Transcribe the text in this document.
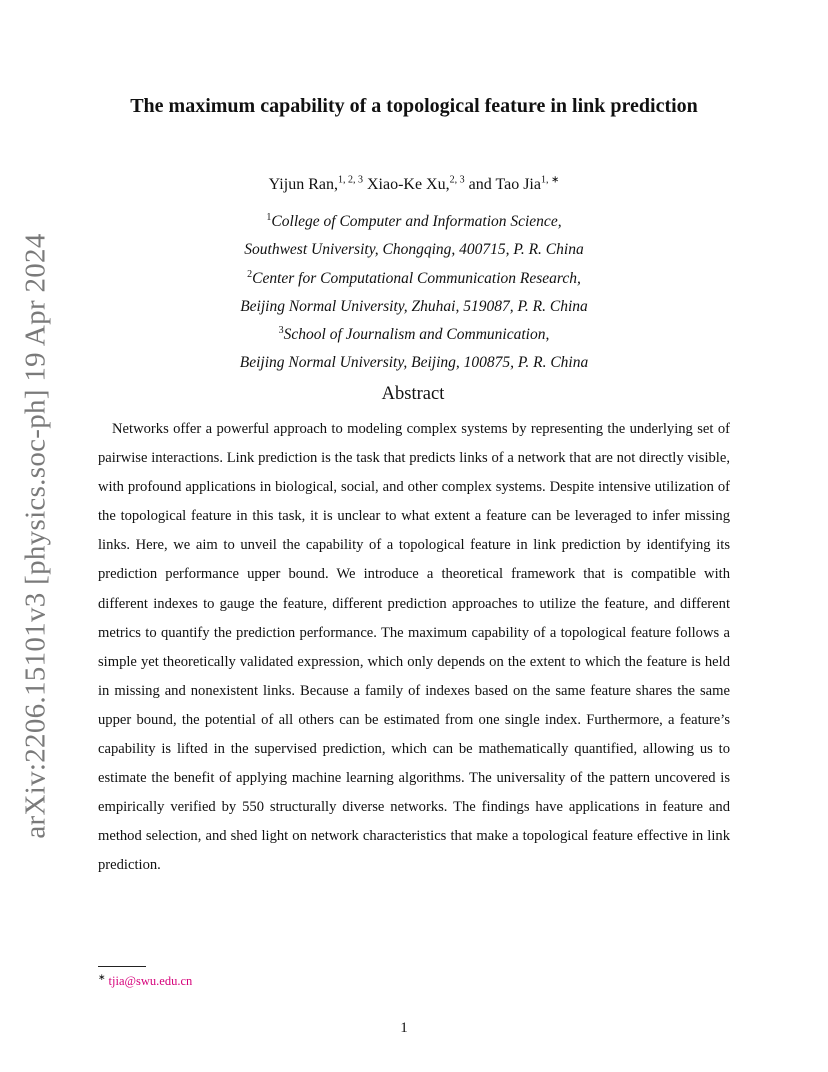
arXiv:2206.15101v3 [physics.soc-ph] 19 Apr 2024
The maximum capability of a topological feature in link prediction
Yijun Ran,$^{1, 2, 3}$ Xiao-Ke Xu,$^{2, 3}$ and Tao Jia$^{1, ∗}$
$^1$College of Computer and Information Science,
Southwest University, Chongqing, 400715, P. R. China
$^2$Center for Computational Communication Research,
Beijing Normal University, Zhuhai, 519087, P. R. China
$^3$School of Journalism and Communication,
Beijing Normal University, Beijing, 100875, P. R. China
Abstract

Networks offer a powerful approach to modeling complex systems by representing the underlying set of pairwise interactions. Link prediction is the task that predicts links of a network that are not directly visible, with profound applications in biological, social, and other complex systems. Despite intensive utilization of the topological feature in this task, it is unclear to what extent a feature can be leveraged to infer missing links. Here, we aim to unveil the capability of a topological feature in link prediction by identifying its prediction performance upper bound. We introduce a theoretical framework that is compatible with different indexes to gauge the feature, different prediction approaches to utilize the feature, and different metrics to quantify the prediction performance. The maximum capability of a topological feature follows a simple yet theoretically validated expression, which only depends on the extent to which the feature is held in missing and nonexistent links. Because a family of indexes based on the same feature shares the same upper bound, the potential of all others can be estimated from one single index. Furthermore, a feature’s capability is lifted in the supervised prediction, which can be mathematically quantified, allowing us to estimate the benefit of applying machine learning algorithms. The universality of the pattern uncovered is empirically verified by 550 structurally diverse networks. The findings have applications in feature and method selection, and shed light on network characteristics that make a topological feature effective in link prediction.

∗ tjia@swu.edu.cn
1
